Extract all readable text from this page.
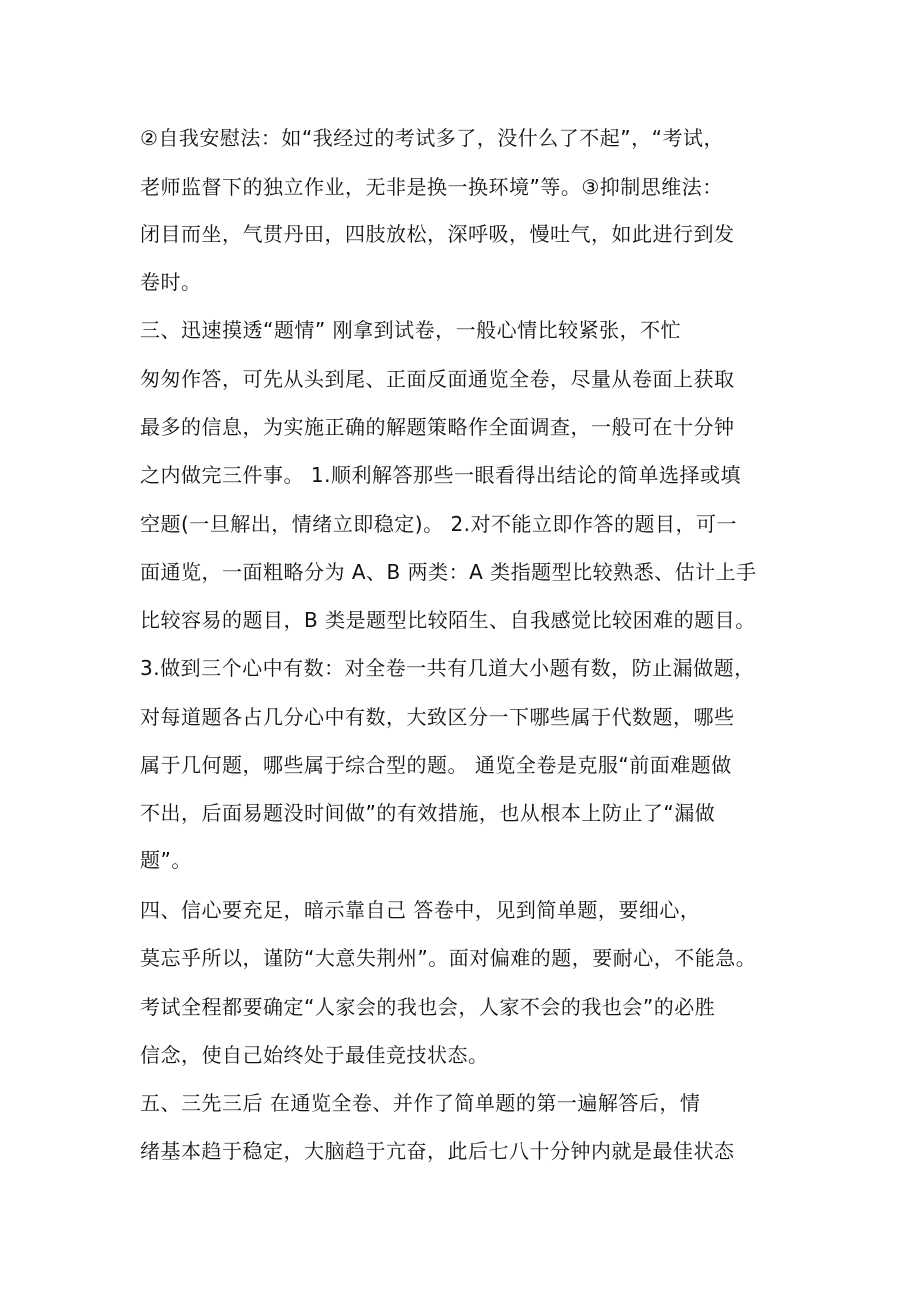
②自我安慰法：如“我经过的考试多了，没什么了不起”，“考试，
老师监督下的独立作业，无非是换一换环境”等。③抑制思维法：
闭目而坐，气贯丹田，四肢放松，深呼吸，慢吐气，如此进行到发
卷时。
三、迅速摸透“题情” 刚拿到试卷，一般心情比较紧张，不忙
匆匆作答，可先从头到尾、正面反面通览全卷，尽量从卷面上获取
最多的信息，为实施正确的解题策略作全面调查，一般可在十分钟
之内做完三件事。 1.顺利解答那些一眼看得出结论的简单选择或填
空题(一旦解出，情绪立即稳定)。 2.对不能立即作答的题目，可一
面通览，一面粗略分为 A、B 两类：A 类指题型比较熟悉、估计上手
比较容易的题目，B 类是题型比较陌生、自我感觉比较困难的题目。
3.做到三个心中有数：对全卷一共有几道大小题有数，防止漏做题，
对每道题各占几分心中有数，大致区分一下哪些属于代数题，哪些
属于几何题，哪些属于综合型的题。 通览全卷是克服“前面难题做
不出，后面易题没时间做”的有效措施，也从根本上防止了“漏做
题”。
四、信心要充足，暗示靠自己 答卷中，见到简单题，要细心，
莫忘乎所以，谨防“大意失荆州”。面对偏难的题，要耐心，不能急。
考试全程都要确定“人家会的我也会，人家不会的我也会”的必胜
信念，使自己始终处于最佳竞技状态。
五、三先三后 在通览全卷、并作了简单题的第一遍解答后，情
绪基本趋于稳定，大脑趋于亢奋，此后七八十分钟内就是最佳状态
